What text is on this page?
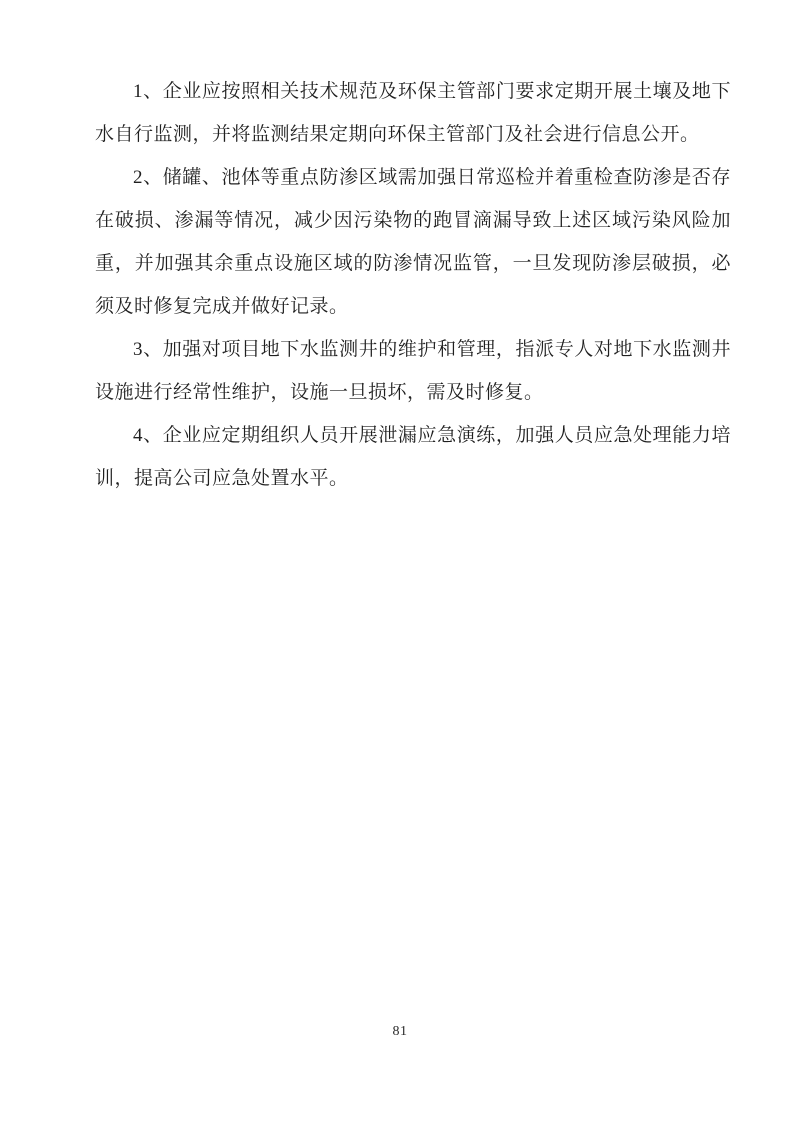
1、企业应按照相关技术规范及环保主管部门要求定期开展土壤及地下水自行监测，并将监测结果定期向环保主管部门及社会进行信息公开。

2、储罐、池体等重点防渗区域需加强日常巡检并着重检查防渗是否存在破损、渗漏等情况，减少因污染物的跑冒滴漏导致上述区域污染风险加重，并加强其余重点设施区域的防渗情况监管，一旦发现防渗层破损，必须及时修复完成并做好记录。

3、加强对项目地下水监测井的维护和管理，指派专人对地下水监测井设施进行经常性维护，设施一旦损坏，需及时修复。

4、企业应定期组织人员开展泄漏应急演练，加强人员应急处理能力培训，提高公司应急处置水平。

81
